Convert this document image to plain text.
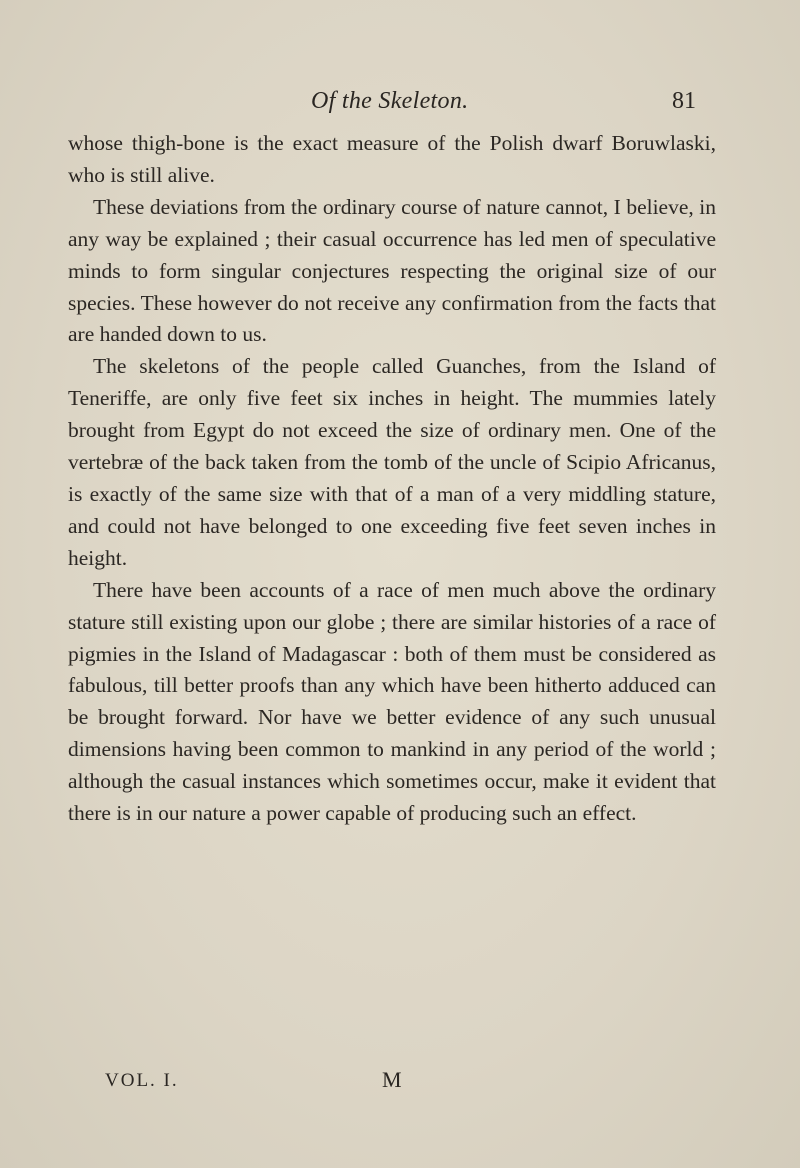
Of the Skeleton.	81

whose thigh-bone is the exact measure of the Polish dwarf Boruwlaski, who is still alive.

These deviations from the ordinary course of nature cannot, I believe, in any way be explained ; their casual occurrence has led men of speculative minds to form singular conjectures respecting the original size of our species. These however do not receive any confirmation from the facts that are handed down to us.

The skeletons of the people called Guanches, from the Island of Teneriffe, are only five feet six inches in height. The mummies lately brought from Egypt do not exceed the size of ordinary men. One of the vertebræ of the back taken from the tomb of the uncle of Scipio Africanus, is exactly of the same size with that of a man of a very middling stature, and could not have belonged to one exceeding five feet seven inches in height.

There have been accounts of a race of men much above the ordinary stature still existing upon our globe ; there are similar histories of a race of pigmies in the Island of Madagascar : both of them must be considered as fabulous, till better proofs than any which have been hitherto adduced can be brought forward. Nor have we better evidence of any such unusual dimensions having been common to mankind in any period of the world ; although the casual instances which sometimes occur, make it evident that there is in our nature a power capable of producing such an effect.

VOL. I.	M
